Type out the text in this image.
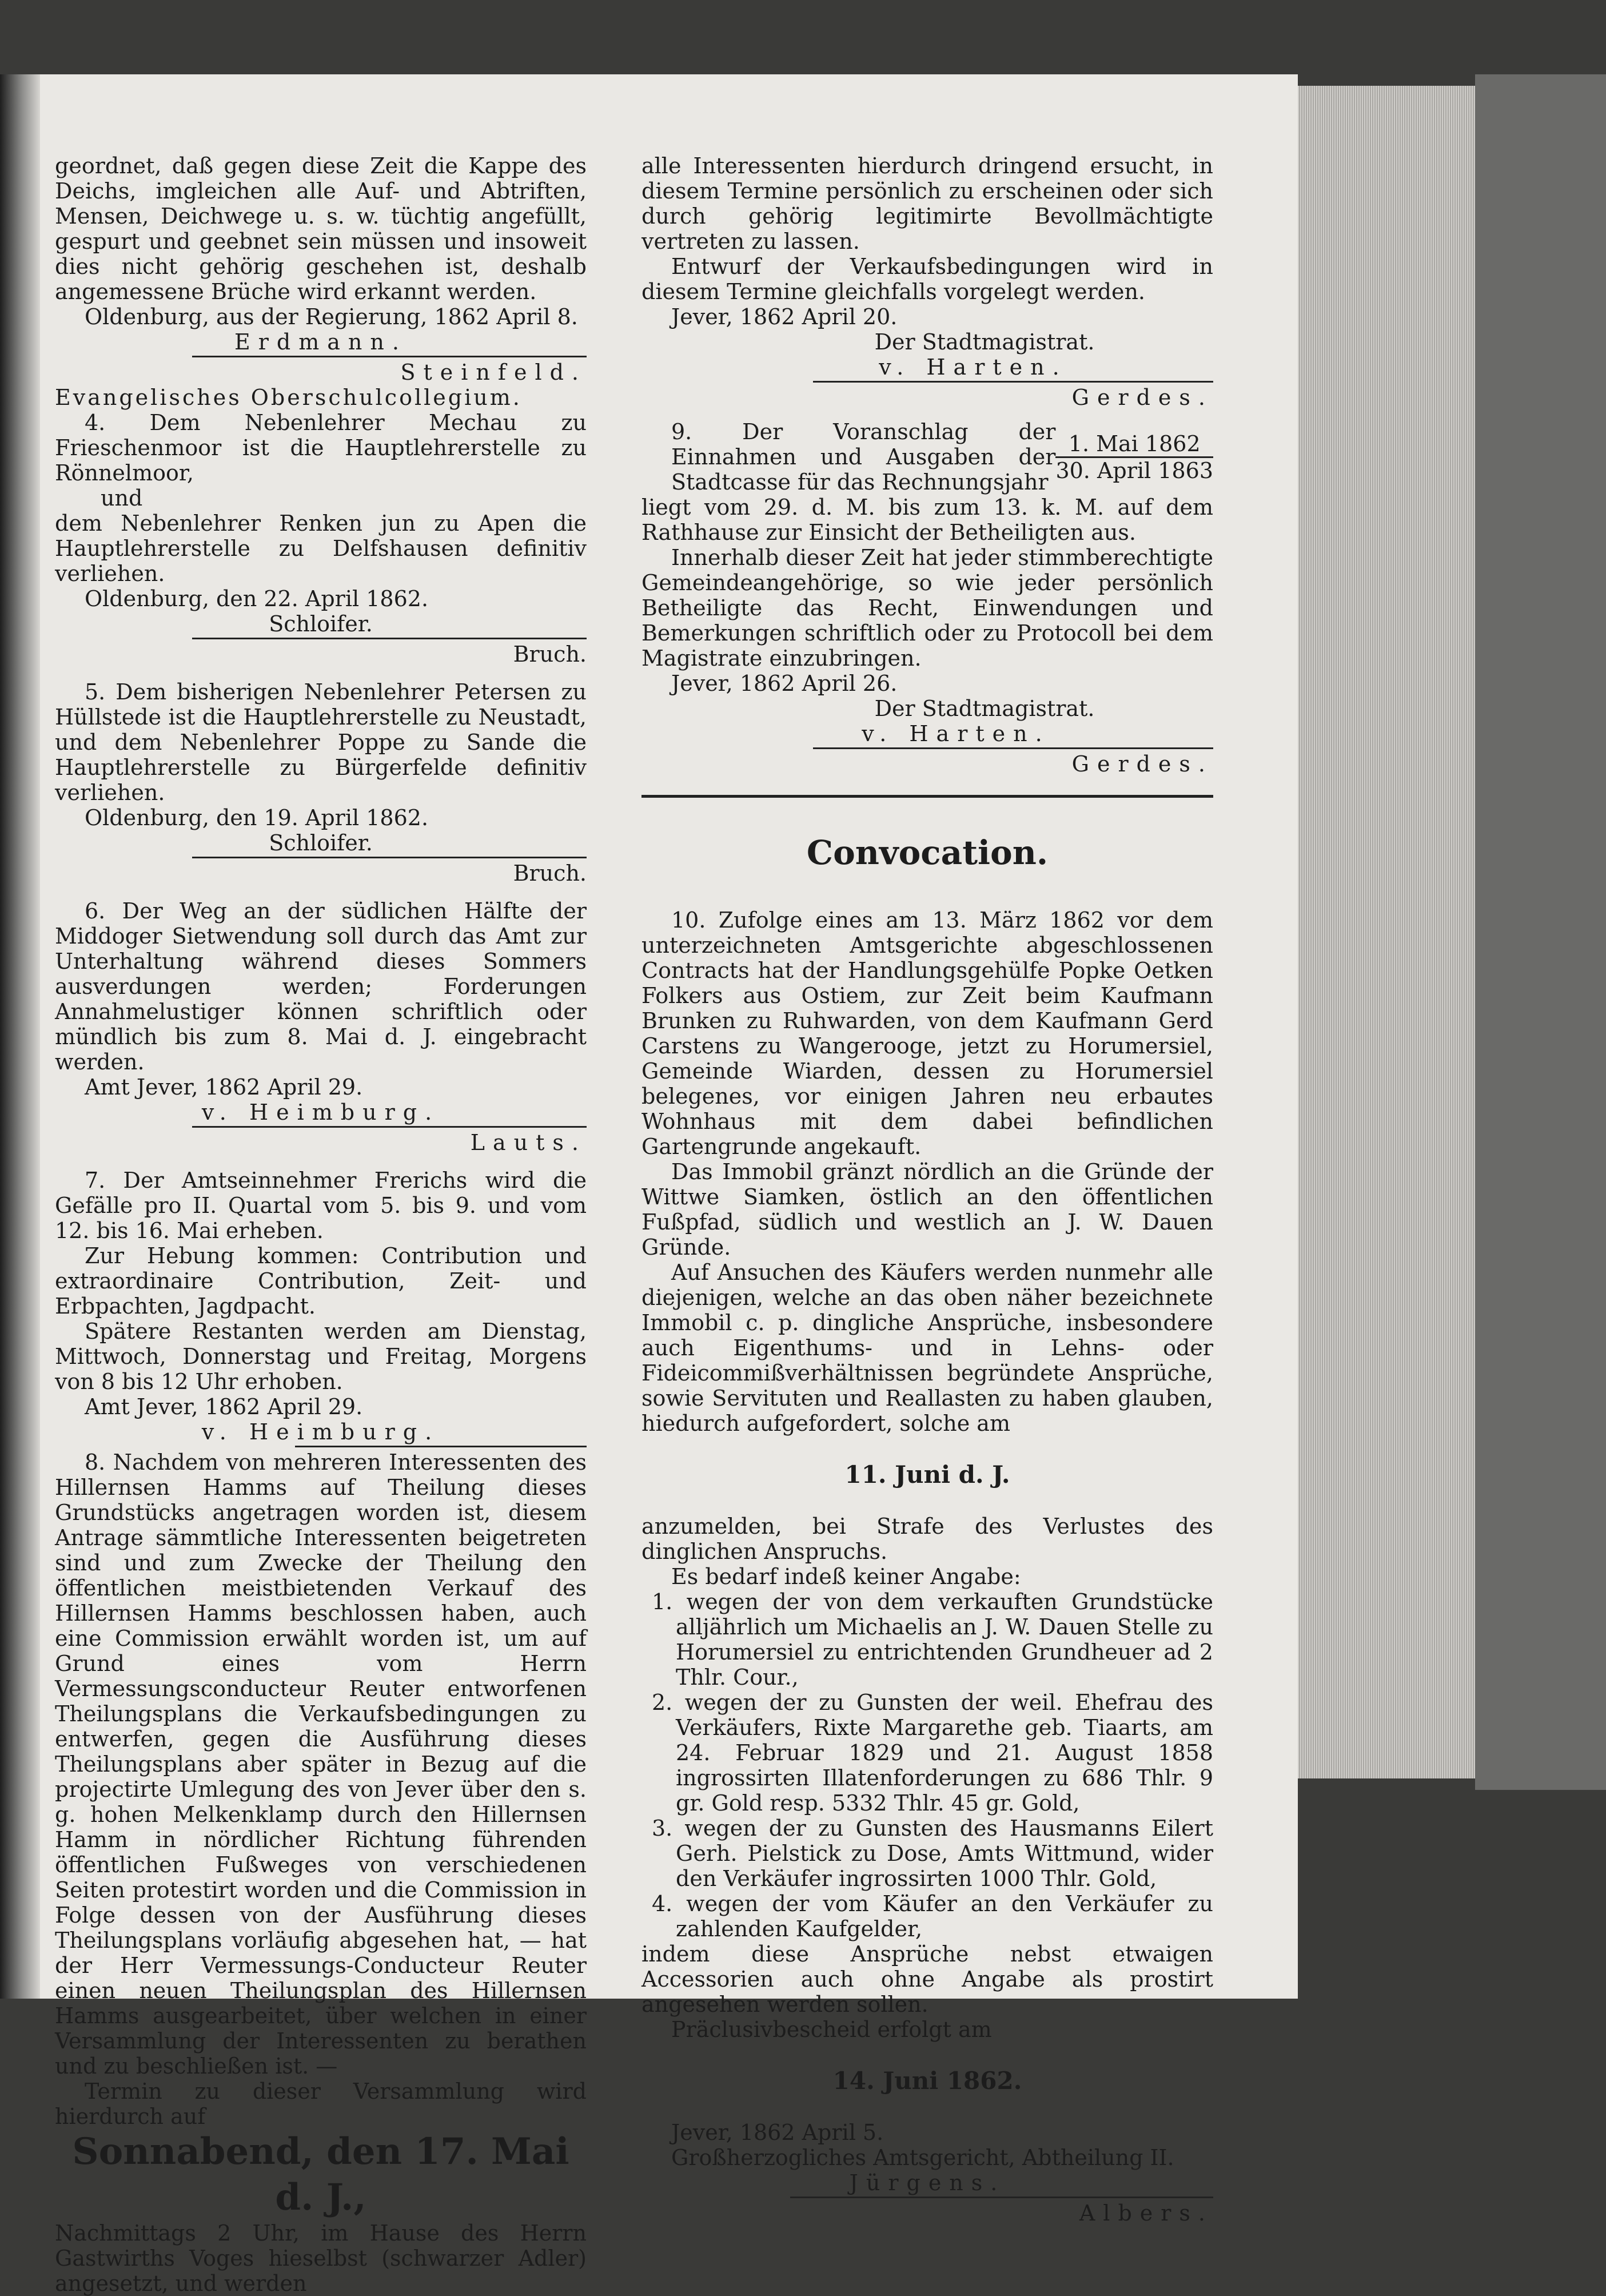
geordnet, daß gegen diese Zeit die Kappe des Deichs, imgleichen alle Auf- und Abtriften, Mensen, Deichwege u. s. w. tüchtig angefüllt, gespurt und geebnet sein müssen und insoweit dies nicht gehörig geschehen ist, deshalb angemessene Brüche wird erkannt werden.

Oldenburg, aus der Regierung, 1862 April 8.

Erdmann.

Steinfeld.

Evangelisches Oberschulcollegium.

4. Dem Nebenlehrer Mechau zu Frieschenmoor ist die Hauptlehrerstelle zu Rönnelmoor,

und

dem Nebenlehrer Renken jun zu Apen die Hauptlehrerstelle zu Delfshausen definitiv verliehen.

Oldenburg, den 22. April 1862.

Schloifer.

Bruch.

5. Dem bisherigen Nebenlehrer Petersen zu Hüllstede ist die Hauptlehrerstelle zu Neustadt, und dem Nebenlehrer Poppe zu Sande die Hauptlehrerstelle zu Bürgerfelde definitiv verliehen.

Oldenburg, den 19. April 1862.

Schloifer.

Bruch.

6. Der Weg an der südlichen Hälfte der Middoger Sietwendung soll durch das Amt zur Unterhaltung während dieses Sommers ausverdungen werden; Forderungen Annahmelustiger können schriftlich oder mündlich bis zum 8. Mai d. J. eingebracht werden.

Amt Jever, 1862 April 29.

v. Heimburg.

Lauts.

7. Der Amtseinnehmer Frerichs wird die Gefälle pro II. Quartal vom 5. bis 9. und vom 12. bis 16. Mai erheben.

Zur Hebung kommen: Contribution und extraordinaire Contribution, Zeit- und Erbpachten, Jagdpacht.

Spätere Restanten werden am Dienstag, Mittwoch, Donnerstag und Freitag, Morgens von 8 bis 12 Uhr erhoben.

Amt Jever, 1862 April 29.

v. Heimburg.

8. Nachdem von mehreren Interessenten des Hillernsen Hamms auf Theilung dieses Grundstücks angetragen worden ist, diesem Antrage sämmtliche Interessenten beigetreten sind und zum Zwecke der Theilung den öffentlichen meistbietenden Verkauf des Hillernsen Hamms beschlossen haben, auch eine Commission erwählt worden ist, um auf Grund eines vom Herrn Vermessungsconducteur Reuter entworfenen Theilungsplans die Verkaufsbedingungen zu entwerfen, gegen die Ausführung dieses Theilungsplans aber später in Bezug auf die projectirte Umlegung des von Jever über den s. g. hohen Melkenklamp durch den Hillernsen Hamm in nördlicher Richtung führenden öffentlichen Fußweges von verschiedenen Seiten protestirt worden und die Commission in Folge dessen von der Ausführung dieses Theilungsplans vorläufig abgesehen hat, — hat der Herr Vermessungs-Conducteur Reuter einen neuen Theilungsplan des Hillernsen Hamms ausgearbeitet, über welchen in einer Versammlung der Interessenten zu berathen und zu beschließen ist. —

Termin zu dieser Versammlung wird hierdurch auf

Sonnabend, den 17. Mai d. J.,

Nachmittags 2 Uhr, im Hause des Herrn Gastwirths Voges hieselbst (schwarzer Adler) angesetzt, und werden

alle Interessenten hierdurch dringend ersucht, in diesem Termine persönlich zu erscheinen oder sich durch gehörig legitimirte Bevollmächtigte vertreten zu lassen.

Entwurf der Verkaufsbedingungen wird in diesem Termine gleichfalls vorgelegt werden.

Jever, 1862 April 20.

Der Stadtmagistrat.

v. Harten.

Gerdes.

9. Der Voranschlag der Einnahmen und Ausgaben der Stadtcasse für das Rechnungsjahr $\frac{\text{1. Mai 1862}}{\text{30. April 1863}}$

liegt vom 29. d. M. bis zum 13. k. M. auf dem Rathhause zur Einsicht der Betheiligten aus.

Innerhalb dieser Zeit hat jeder stimmberechtigte Gemeindeangehörige, so wie jeder persönlich Betheiligte das Recht, Einwendungen und Bemerkungen schriftlich oder zu Protocoll bei dem Magistrate einzubringen.

Jever, 1862 April 26.

Der Stadtmagistrat.

v. Harten.

Gerdes.

Convocation.

10. Zufolge eines am 13. März 1862 vor dem unterzeichneten Amtsgerichte abgeschlossenen Contracts hat der Handlungsgehülfe Popke Oetken Folkers aus Ostiem, zur Zeit beim Kaufmann Brunken zu Ruhwarden, von dem Kaufmann Gerd Carstens zu Wangerooge, jetzt zu Horumersiel, Gemeinde Wiarden, dessen zu Horumersiel belegenes, vor einigen Jahren neu erbautes Wohnhaus mit dem dabei befindlichen Gartengrunde angekauft.

Das Immobil gränzt nördlich an die Gründe der Wittwe Siamken, östlich an den öffentlichen Fußpfad, südlich und westlich an J. W. Dauen Gründe.

Auf Ansuchen des Käufers werden nunmehr alle diejenigen, welche an das oben näher bezeichnete Immobil c. p. dingliche Ansprüche, insbesondere auch Eigenthums- und in Lehns- oder Fideicommißverhältnissen begründete Ansprüche, sowie Servituten und Reallasten zu haben glauben, hiedurch aufgefordert, solche am

11. Juni d. J.

anzumelden, bei Strafe des Verlustes des dinglichen Anspruchs.

Es bedarf indeß keiner Angabe:

1. wegen der von dem verkauften Grundstücke alljährlich um Michaelis an J. W. Dauen Stelle zu Horumersiel zu entrichtenden Grundheuer ad 2 Thlr. Cour.,

2. wegen der zu Gunsten der weil. Ehefrau des Verkäufers, Rixte Margarethe geb. Tiaarts, am 24. Februar 1829 und 21. August 1858 ingrossirten Illatenforderungen zu 686 Thlr. 9 gr. Gold resp. 5332 Thlr. 45 gr. Gold,

3. wegen der zu Gunsten des Hausmanns Eilert Gerh. Pielstick zu Dose, Amts Wittmund, wider den Verkäufer ingrossirten 1000 Thlr. Gold,

4. wegen der vom Käufer an den Verkäufer zu zahlenden Kaufgelder,

indem diese Ansprüche nebst etwaigen Accessorien auch ohne Angabe als prostirt angesehen werden sollen.

Präclusivbescheid erfolgt am

14. Juni 1862.

Jever, 1862 April 5.

Großherzogliches Amtsgericht, Abtheilung II.

Jürgens.

Albers.
